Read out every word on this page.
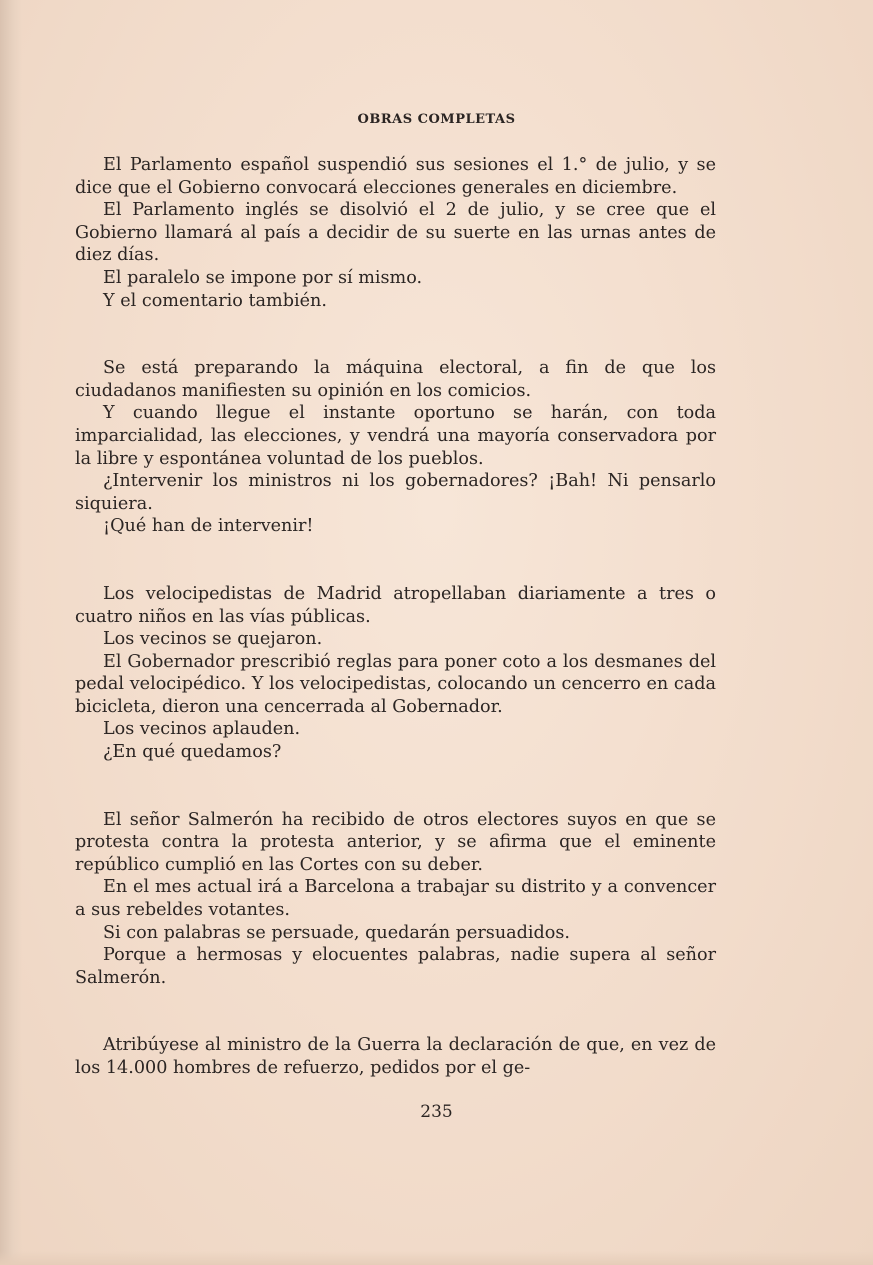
OBRAS COMPLETAS

El Parlamento español suspendió sus sesiones el 1.° de julio, y se dice que el Gobierno convocará elecciones generales en diciembre.

El Parlamento inglés se disolvió el 2 de julio, y se cree que el Gobierno llamará al país a decidir de su suerte en las urnas antes de diez días.

El paralelo se impone por sí mismo.

Y el comentario también.

Se está preparando la máquina electoral, a fin de que los ciudadanos manifiesten su opinión en los comicios.

Y cuando llegue el instante oportuno se harán, con toda imparcialidad, las elecciones, y vendrá una mayoría conservadora por la libre y espontánea voluntad de los pueblos.

¿Intervenir los ministros ni los gobernadores? ¡Bah! Ni pensarlo siquiera.

¡Qué han de intervenir!

Los velocipedistas de Madrid atropellaban diariamente a tres o cuatro niños en las vías públicas.

Los vecinos se quejaron.

El Gobernador prescribió reglas para poner coto a los desmanes del pedal velocipédico. Y los velocipedistas, colocando un cencerro en cada bicicleta, dieron una cencerrada al Gobernador.

Los vecinos aplauden.

¿En qué quedamos?

El señor Salmerón ha recibido de otros electores suyos en que se protesta contra la protesta anterior, y se afirma que el eminente repúblico cumplió en las Cortes con su deber.

En el mes actual irá a Barcelona a trabajar su distrito y a convencer a sus rebeldes votantes.

Si con palabras se persuade, quedarán persuadidos.

Porque a hermosas y elocuentes palabras, nadie supera al señor Salmerón.

Atribúyese al ministro de la Guerra la declaración de que, en vez de los 14.000 hombres de refuerzo, pedidos por el ge-

235
